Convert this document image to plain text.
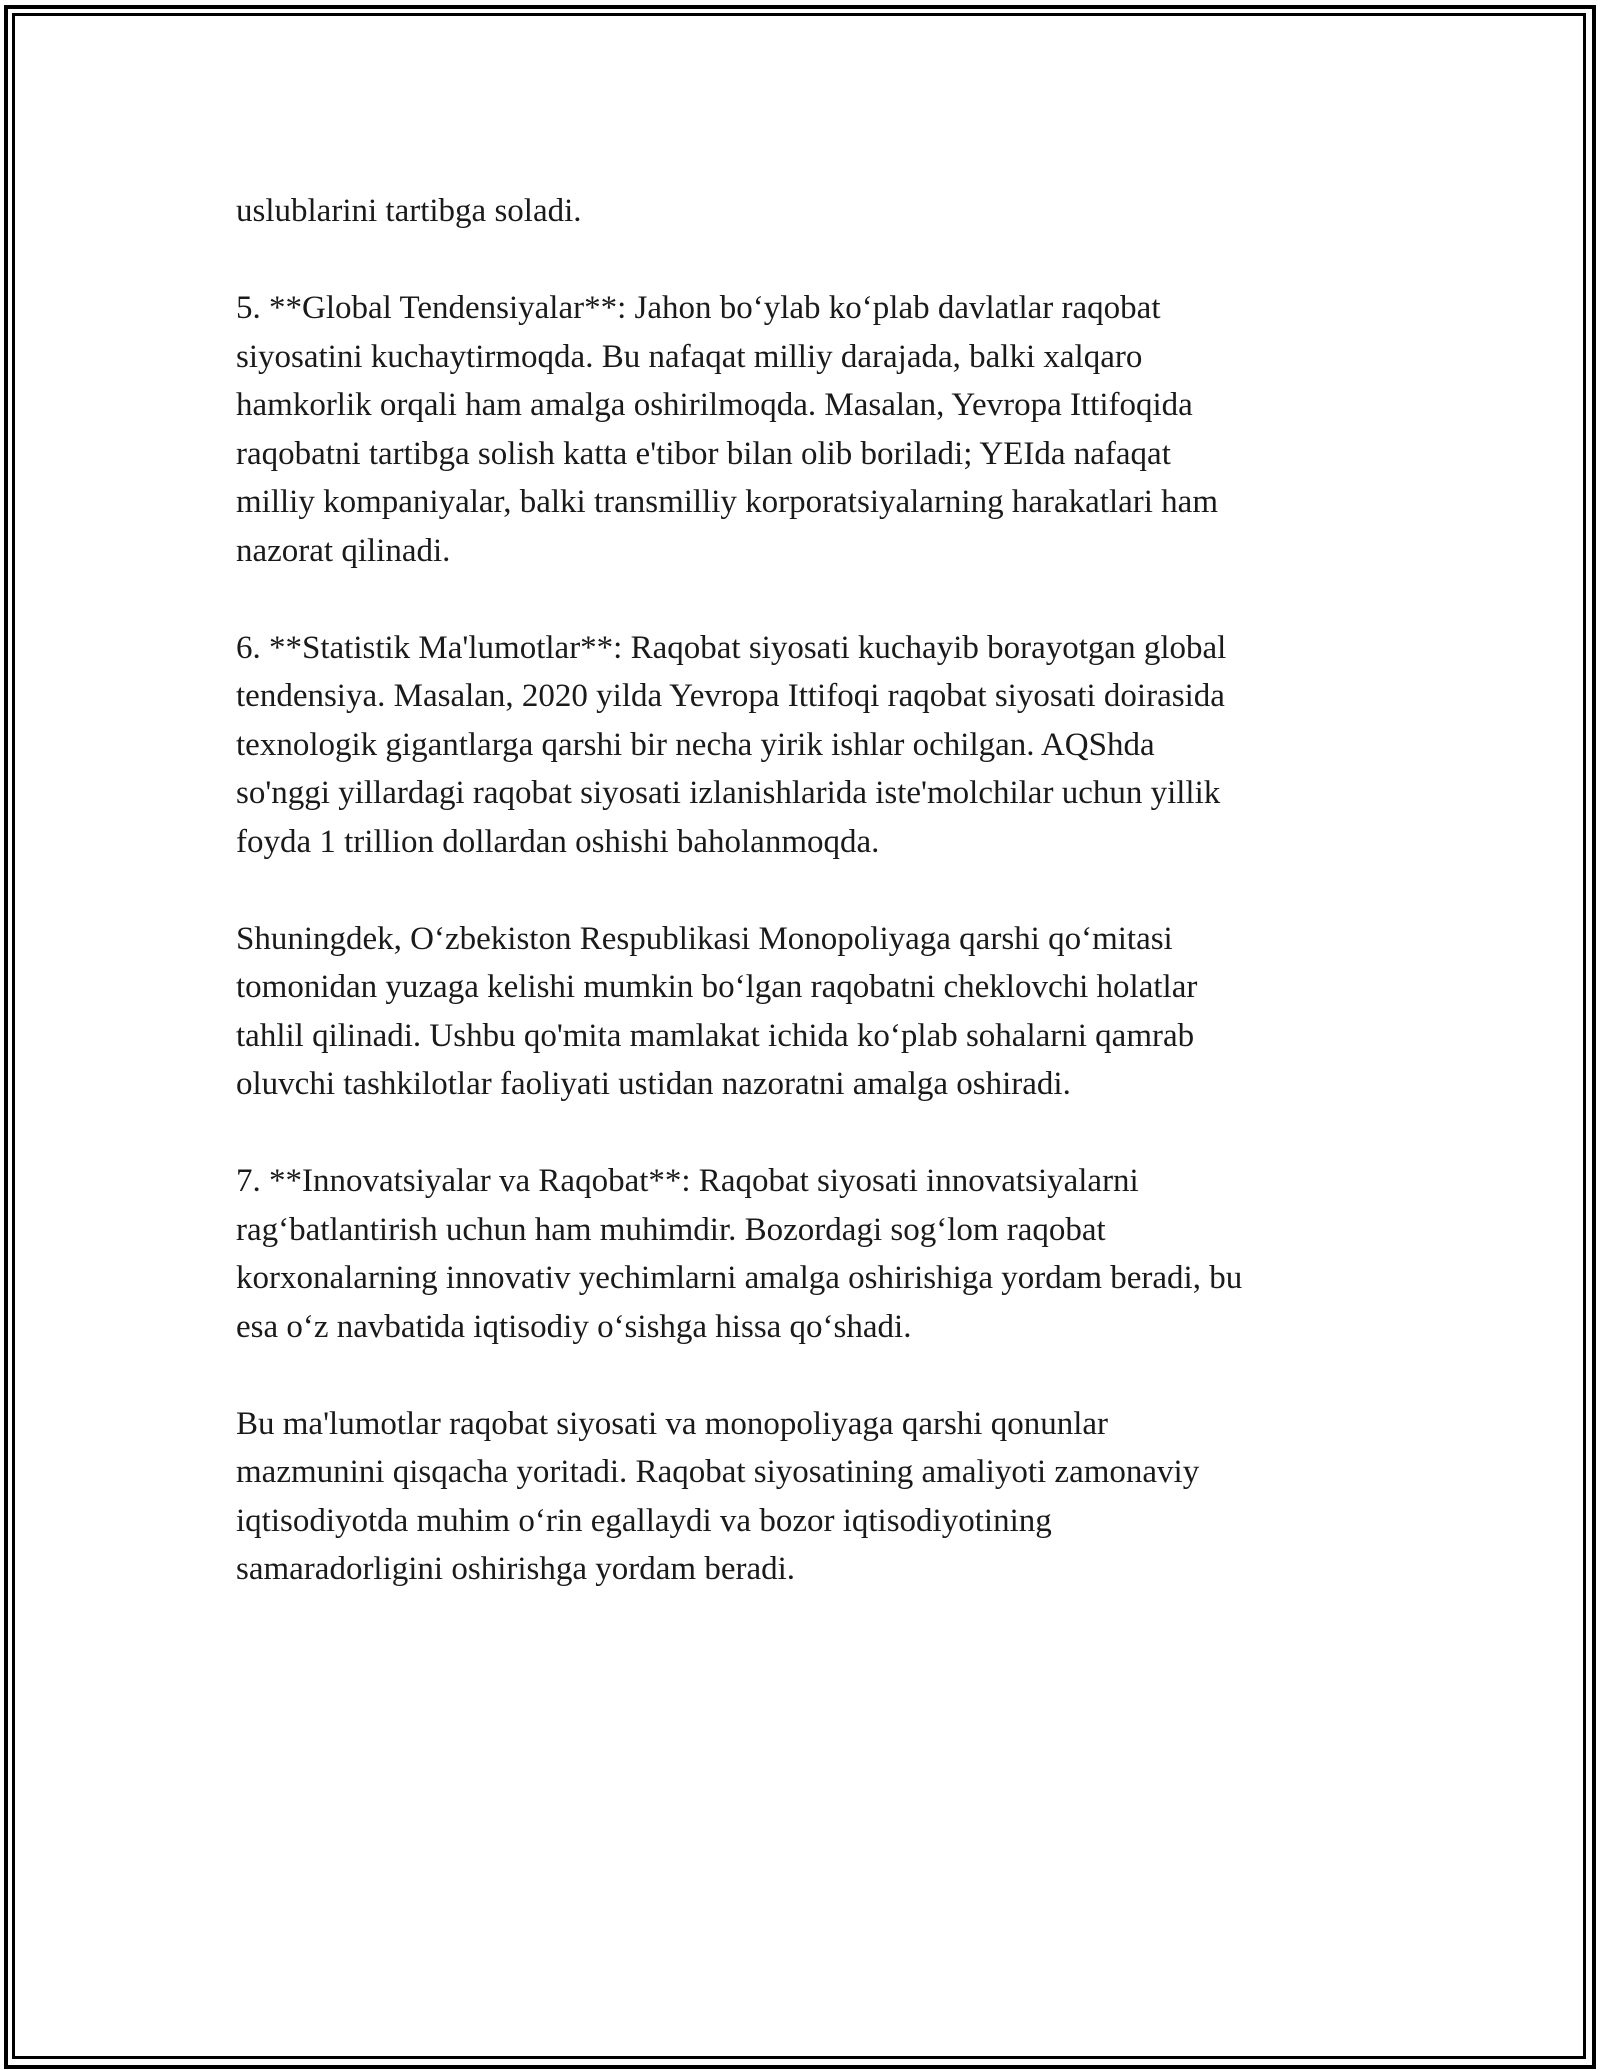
uslublarini tartibga soladi.

5. **Global Tendensiyalar**: Jahon bo‘ylab ko‘plab davlatlar raqobat
siyosatini kuchaytirmoqda. Bu nafaqat milliy darajada, balki xalqaro
hamkorlik orqali ham amalga oshirilmoqda. Masalan, Yevropa Ittifoqida
raqobatni tartibga solish katta e'tibor bilan olib boriladi; YEIda nafaqat
milliy kompaniyalar, balki transmilliy korporatsiyalarning harakatlari ham
nazorat qilinadi.

6. **Statistik Ma'lumotlar**: Raqobat siyosati kuchayib borayotgan global
tendensiya. Masalan, 2020 yilda Yevropa Ittifoqi raqobat siyosati doirasida
texnologik gigantlarga qarshi bir necha yirik ishlar ochilgan. AQShda
so'nggi yillardagi raqobat siyosati izlanishlarida iste'molchilar uchun yillik
foyda 1 trillion dollardan oshishi baholanmoqda.

Shuningdek, O‘zbekiston Respublikasi Monopoliyaga qarshi qo‘mitasi
tomonidan yuzaga kelishi mumkin bo‘lgan raqobatni cheklovchi holatlar
tahlil qilinadi. Ushbu qo'mita mamlakat ichida ko‘plab sohalarni qamrab
oluvchi tashkilotlar faoliyati ustidan nazoratni amalga oshiradi.

7. **Innovatsiyalar va Raqobat**: Raqobat siyosati innovatsiyalarni
rag‘batlantirish uchun ham muhimdir. Bozordagi sog‘lom raqobat
korxonalarning innovativ yechimlarni amalga oshirishiga yordam beradi, bu
esa o‘z navbatida iqtisodiy o‘sishga hissa qo‘shadi.

Bu ma'lumotlar raqobat siyosati va monopoliyaga qarshi qonunlar
mazmunini qisqacha yoritadi. Raqobat siyosatining amaliyoti zamonaviy
iqtisodiyotda muhim o‘rin egallaydi va bozor iqtisodiyotining
samaradorligini oshirishga yordam beradi.
